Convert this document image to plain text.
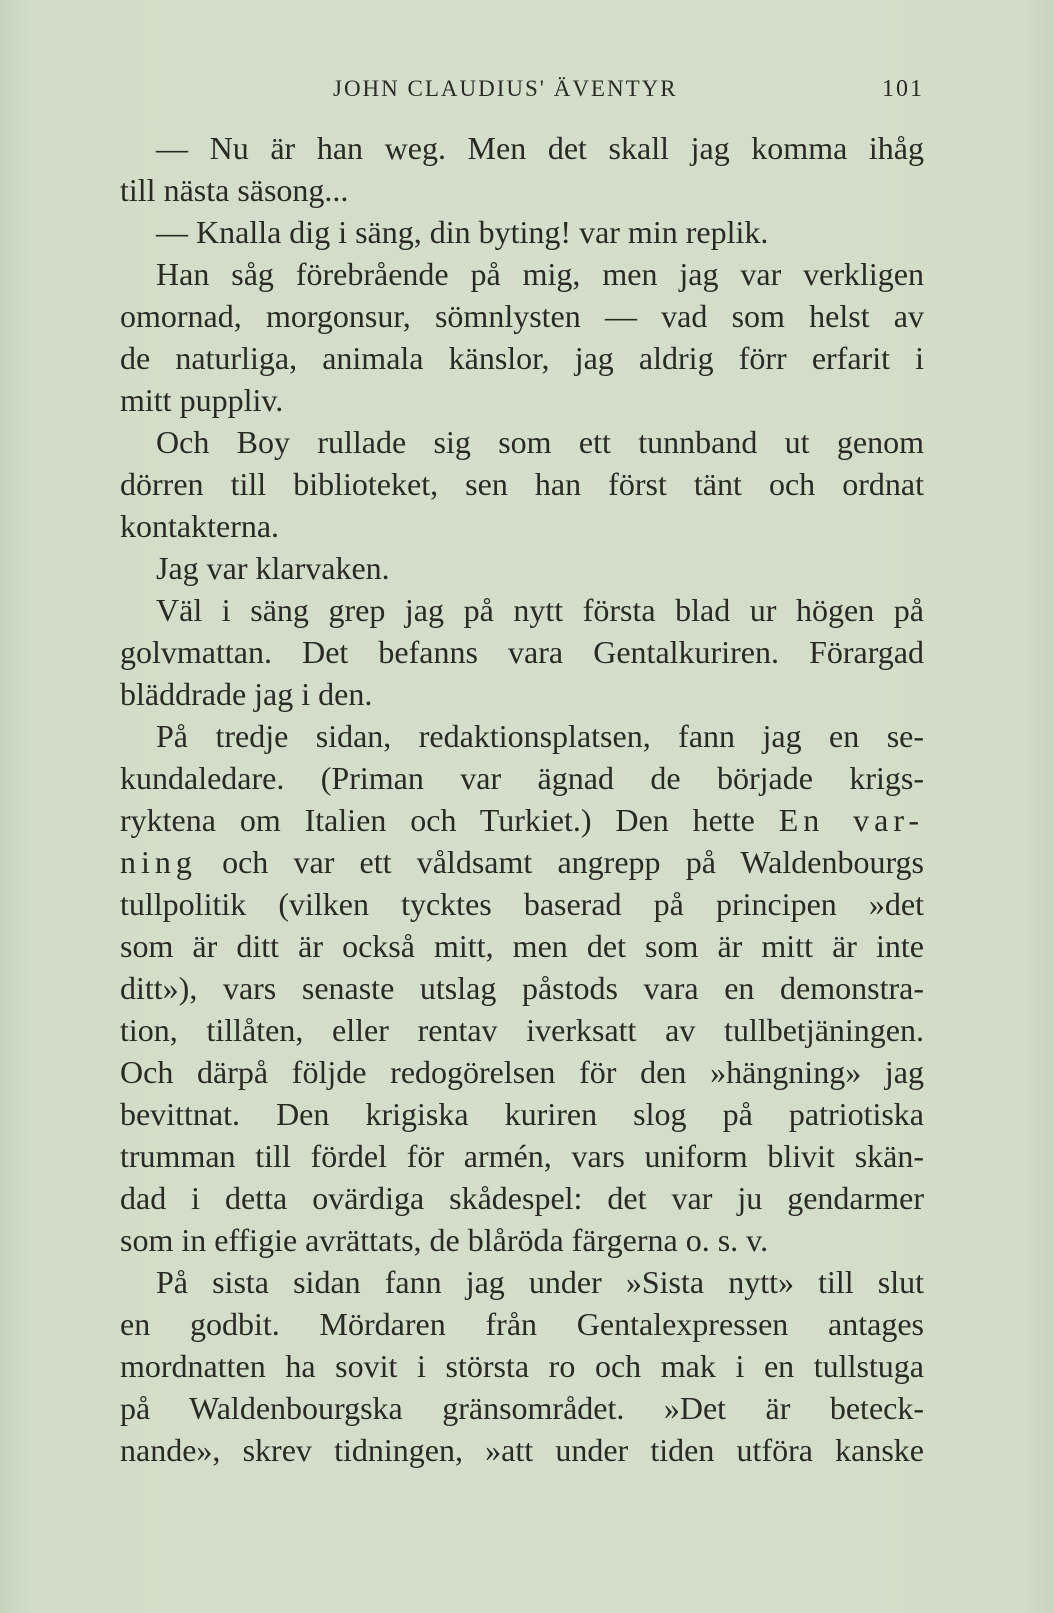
JOHN CLAUDIUS' ÄVENTYR	101
— Nu är han weg. Men det skall jag komma ihåg
till nästa säsong...
— Knalla dig i säng, din byting! var min replik.
Han såg förebrående på mig, men jag var verkligen
omornad, morgonsur, sömnlysten — vad som helst av
de naturliga, animala känslor, jag aldrig förr erfarit i
mitt puppliv.
Och Boy rullade sig som ett tunnband ut genom
dörren till biblioteket, sen han först tänt och ordnat
kontakterna.
Jag var klarvaken.
Väl i säng grep jag på nytt första blad ur högen på
golvmattan. Det befanns vara Gentalkuriren. Förargad
bläddrade jag i den.
På tredje sidan, redaktionsplatsen, fann jag en se-
kundaledare. (Priman var ägnad de började krigs-
ryktena om Italien och Turkiet.) Den hette En var-
ning och var ett våldsamt angrepp på Waldenbourgs
tullpolitik (vilken tycktes baserad på principen »det
som är ditt är också mitt, men det som är mitt är inte
ditt»), vars senaste utslag påstods vara en demonstra-
tion, tillåten, eller rentav iverksatt av tullbetjäningen.
Och därpå följde redogörelsen för den »hängning» jag
bevittnat. Den krigiska kuriren slog på patriotiska
trumman till fördel för armén, vars uniform blivit skän-
dad i detta ovärdiga skådespel: det var ju gendarmer
som in effigie avrättats, de blåröda färgerna o. s. v.
På sista sidan fann jag under »Sista nytt» till slut
en godbit. Mördaren från Gentalexpressen antages
mordnatten ha sovit i största ro och mak i en tullstuga
på Waldenbourgska gränsområdet. »Det är beteck-
nande», skrev tidningen, »att under tiden utföra kanske
